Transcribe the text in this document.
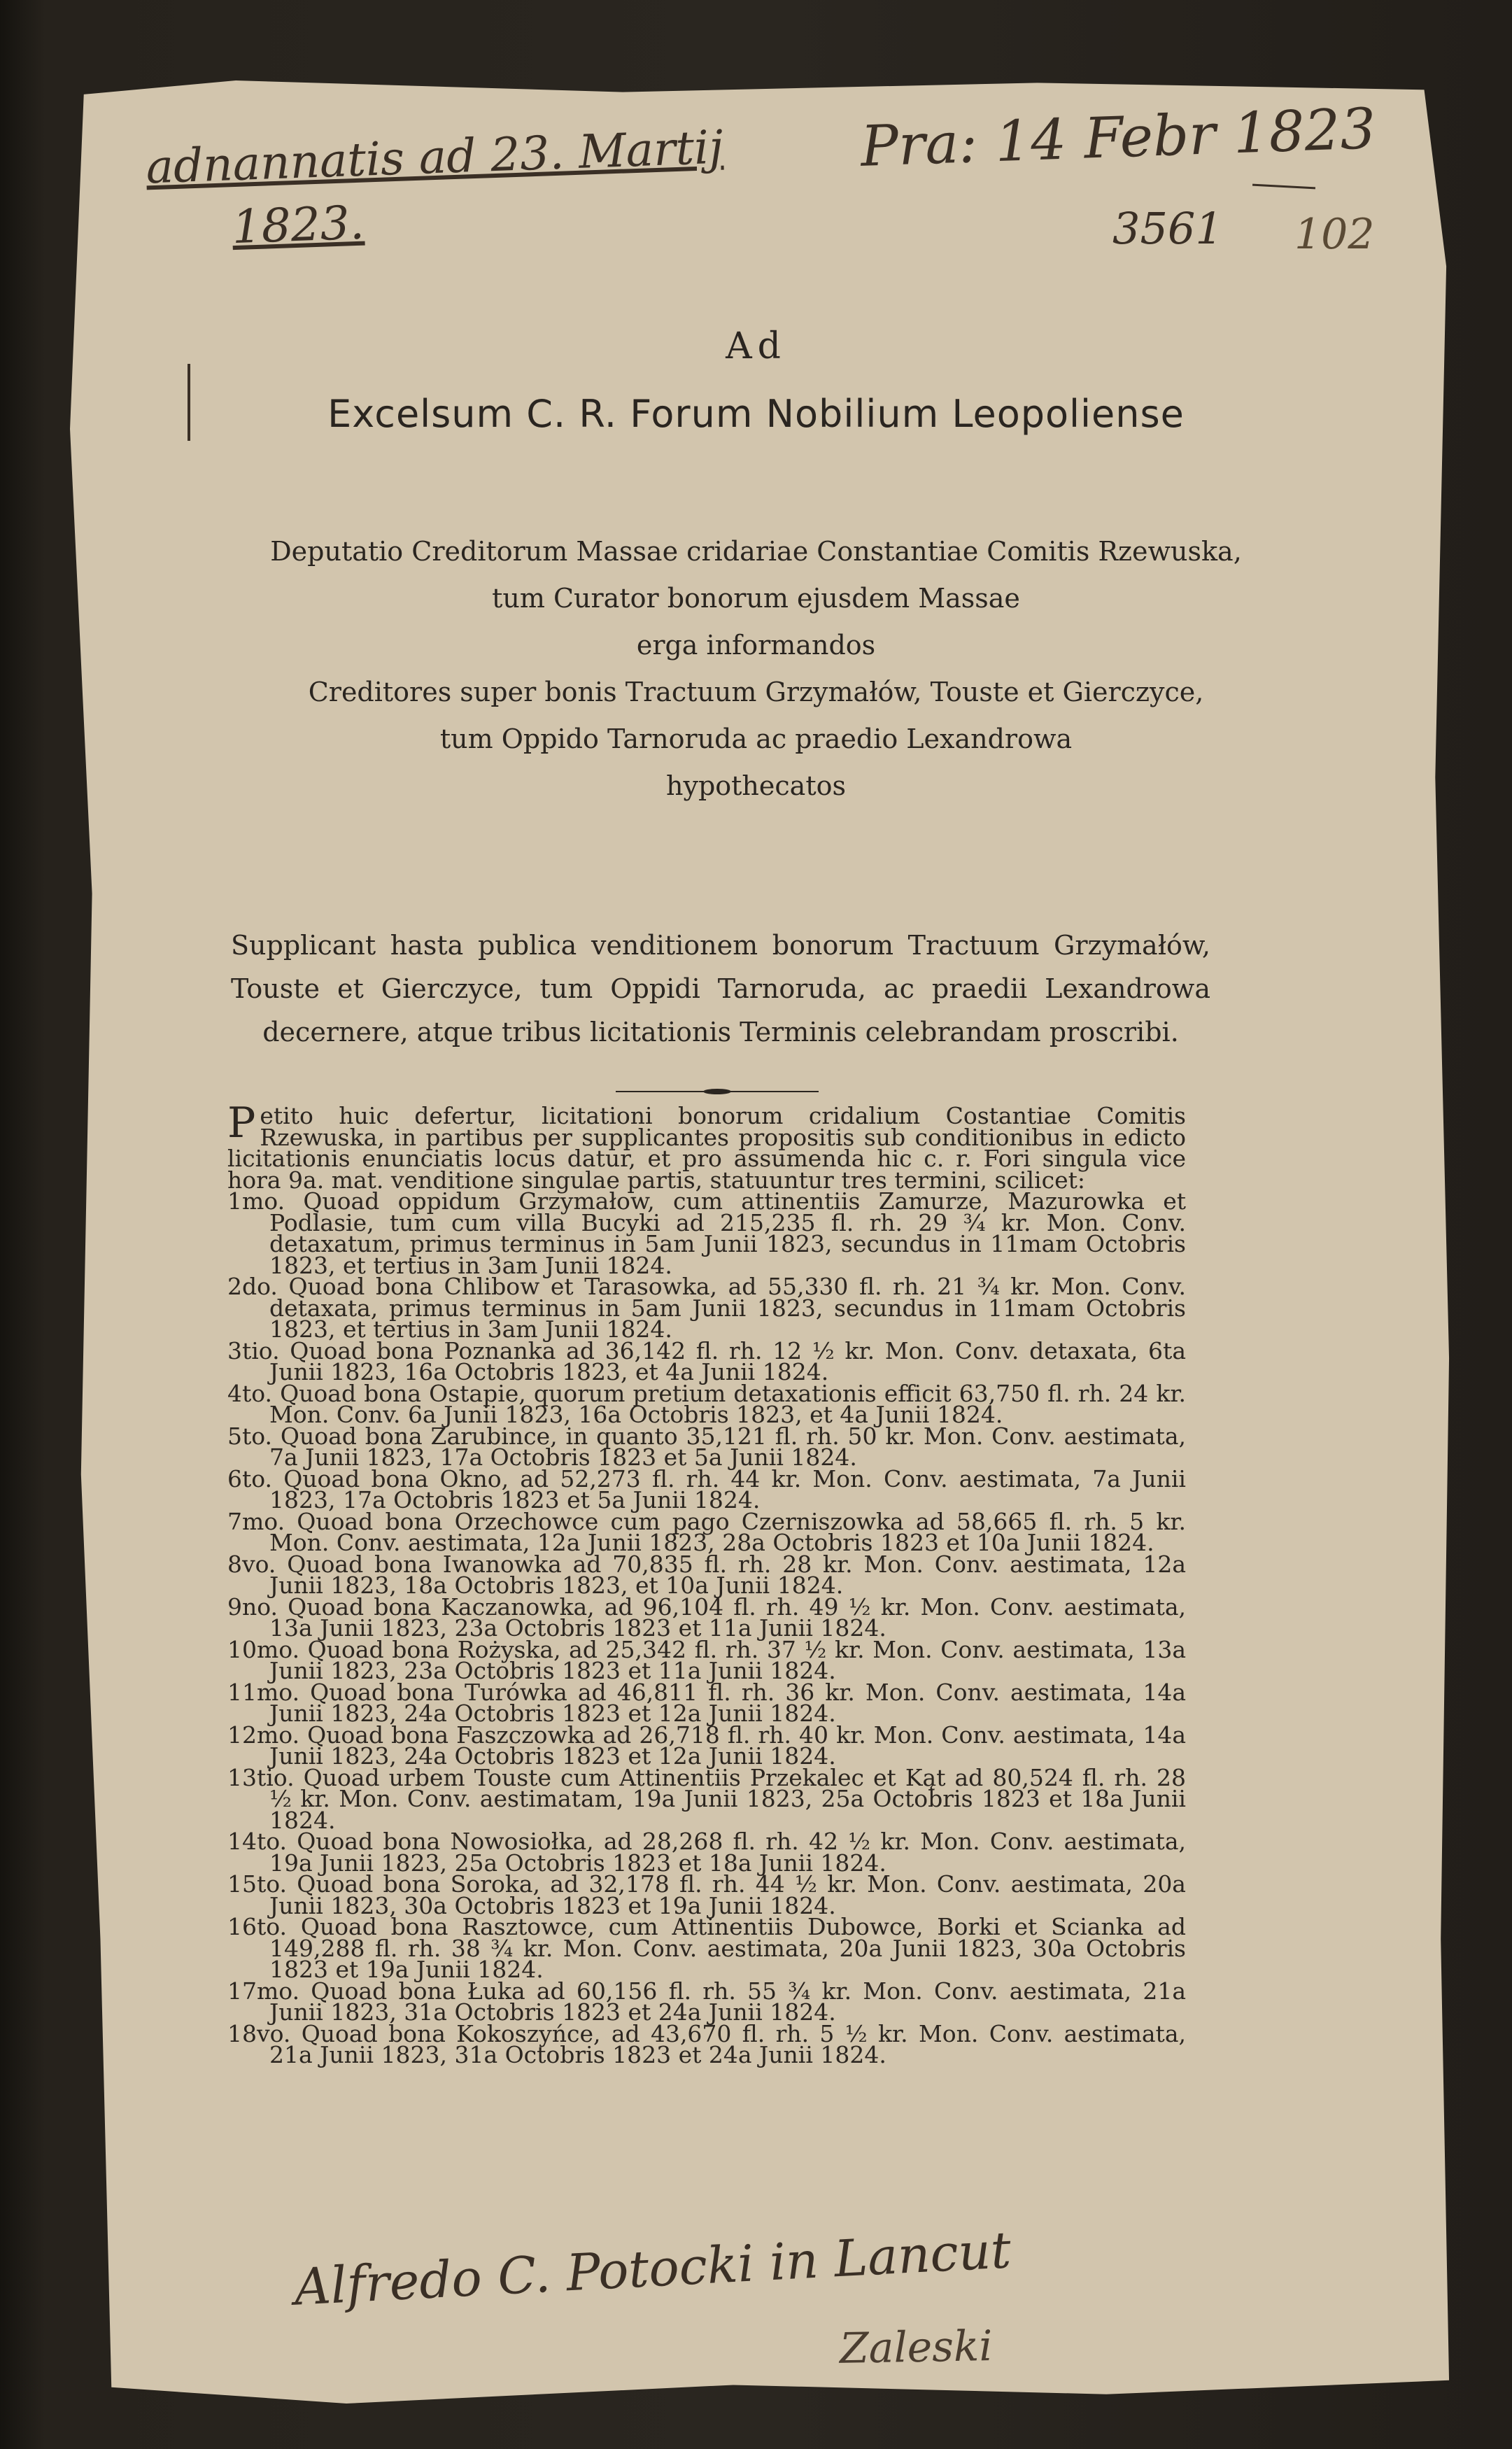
adnannatis ad 23. Martij
1823.
Pra: 14 Febr 1823
3561 102
Ad
Excelsum C. R. Forum Nobilium Leopoliense
Deputatio Creditorum Massae cridariae Constantiae Comitis Rzewuska,
tum Curator bonorum ejusdem Massae
erga informandos
Creditores super bonis Tractuum Grzymałów, Touste et Gierczyce,
tum Oppido Tarnoruda ac praedio Lexandrowa
hypothecatos
Supplicant hasta publica venditionem bonorum Tractuum Grzymałów, Touste et Gierczyce, tum Oppidi Tarnoruda, ac praedii Lexandrowa decernere, atque tribus licitationis Terminis celebrandam proscribi.

Petito huic defertur, licitationi bonorum cridalium Costantiae Comitis Rzewuska, in partibus per supplicantes propositis sub conditionibus in edicto licitationis enunciatis locus datur, et pro assumenda hic c. r. Fori singula vice hora 9a. mat. venditione singulae partis, statuuntur tres termini, scilicet:

1mo. Quoad oppidum Grzymałow, cum attinentiis Zamurze, Mazurowka et Podlasie, tum cum villa Bucyki ad 215,235 fl. rh. 29 ¾ kr. Mon. Conv. detaxatum, primus terminus in 5am Junii 1823, secundus in 11mam Octobris 1823, et tertius in 3am Junii 1824.

2do. Quoad bona Chlibow et Tarasowka, ad 55,330 fl. rh. 21 ¾ kr. Mon. Conv. detaxata, primus terminus in 5am Junii 1823, secundus in 11mam Octobris 1823, et tertius in 3am Junii 1824.

3tio. Quoad bona Poznanka ad 36,142 fl. rh. 12 ½ kr. Mon. Conv. detaxata, 6ta Junii 1823, 16a Octobris 1823, et 4a Junii 1824.

4to. Quoad bona Ostapie, quorum pretium detaxationis efficit 63,750 fl. rh. 24 kr. Mon. Conv. 6a Junii 1823, 16a Octobris 1823, et 4a Junii 1824.

5to. Quoad bona Zarubince, in quanto 35,121 fl. rh. 50 kr. Mon. Conv. aestimata, 7a Junii 1823, 17a Octobris 1823 et 5a Junii 1824.

6to. Quoad bona Okno, ad 52,273 fl. rh. 44 kr. Mon. Conv. aestimata, 7a Junii 1823, 17a Octobris 1823 et 5a Junii 1824.

7mo. Quoad bona Orzechowce cum pago Czerniszowka ad 58,665 fl. rh. 5 kr. Mon. Conv. aestimata, 12a Junii 1823, 28a Octobris 1823 et 10a Junii 1824.

8vo. Quoad bona Iwanowka ad 70,835 fl. rh. 28 kr. Mon. Conv. aestimata, 12a Junii 1823, 18a Octobris 1823, et 10a Junii 1824.

9no. Quoad bona Kaczanowka, ad 96,104 fl. rh. 49 ½ kr. Mon. Conv. aestimata, 13a Junii 1823, 23a Octobris 1823 et 11a Junii 1824.

10mo. Quoad bona Rożyska, ad 25,342 fl. rh. 37 ½ kr. Mon. Conv. aestimata, 13a Junii 1823, 23a Octobris 1823 et 11a Junii 1824.

11mo. Quoad bona Turówka ad 46,811 fl. rh. 36 kr. Mon. Conv. aestimata, 14a Junii 1823, 24a Octobris 1823 et 12a Junii 1824.

12mo. Quoad bona Faszczowka ad 26,718 fl. rh. 40 kr. Mon. Conv. aestimata, 14a Junii 1823, 24a Octobris 1823 et 12a Junii 1824.

13tio. Quoad urbem Touste cum Attinentiis Przekalec et Kąt ad 80,524 fl. rh. 28 ½ kr. Mon. Conv. aestimatam, 19a Junii 1823, 25a Octobris 1823 et 18a Junii 1824.

14to. Quoad bona Nowosiołka, ad 28,268 fl. rh. 42 ½ kr. Mon. Conv. aestimata, 19a Junii 1823, 25a Octobris 1823 et 18a Junii 1824.

15to. Quoad bona Soroka, ad 32,178 fl. rh. 44 ½ kr. Mon. Conv. aestimata, 20a Junii 1823, 30a Octobris 1823 et 19a Junii 1824.

16to. Quoad bona Rasztowce, cum Attinentiis Dubowce, Borki et Scianka ad 149,288 fl. rh. 38 ¾ kr. Mon. Conv. aestimata, 20a Junii 1823, 30a Octobris 1823 et 19a Junii 1824.

17mo. Quoad bona Łuka ad 60,156 fl. rh. 55 ¾ kr. Mon. Conv. aestimata, 21a Junii 1823, 31a Octobris 1823 et 24a Junii 1824.

18vo. Quoad bona Kokoszyńce, ad 43,670 fl. rh. 5 ½ kr. Mon. Conv. aestimata, 21a Junii 1823, 31a Octobris 1823 et 24a Junii 1824.

Alfredo C. Potocki in Lancut
Zaleski
